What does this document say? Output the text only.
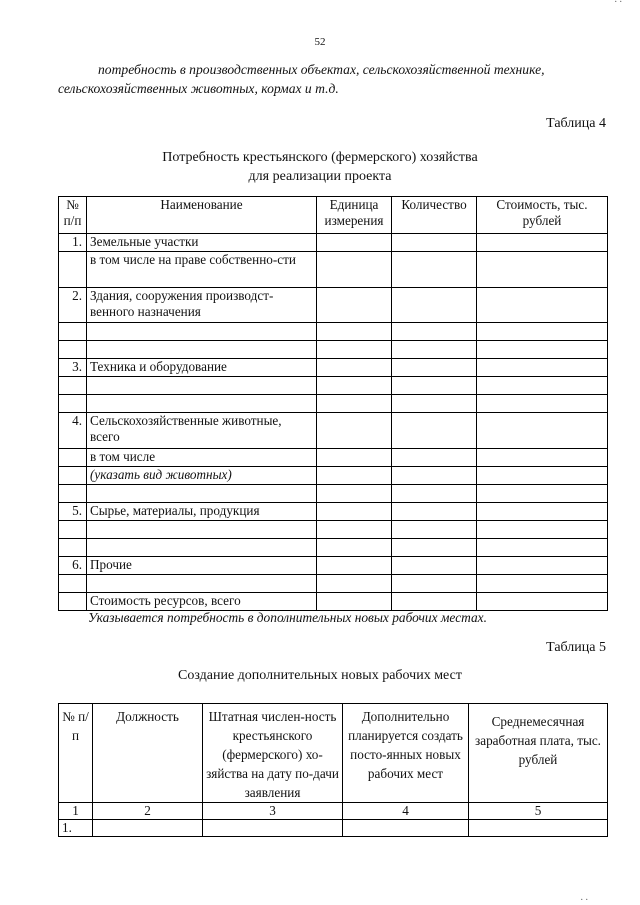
52
потребность в производственных объектах, сельскохозяйственной технике, сельскохозяйственных животных, кормах и т.д.
Таблица 4
Потребность крестьянского (фермерского) хозяйства
для реализации проекта
№ п/п	Наименование	Единица измерения	Количество	Стоимость, тыс. рублей
1.	Земельные участки			
	в том числе на праве собственно-сти			
2.	Здания, сооружения производст-венного назначения			

3.	Техника и оборудование			

4.	Сельскохозяйственные животные, всего			
	в том числе			
	(указать вид животных)			

5.	Сырье, материалы, продукция			

6.	Прочие			

	Стоимость ресурсов, всего			
Указывается потребность в дополнительных новых рабочих местах.
Таблица 5
Создание дополнительных новых рабочих мест
№ п/п	Должность	Штатная числен-ность крестьянского (фермерского) хо-зяйства на дату по-дачи заявления	Дополнительно планируется создать посто-янных новых рабочих мест	Среднемесячная заработная плата, тыс. рублей
1	2	3	4	5
1.				
. .
